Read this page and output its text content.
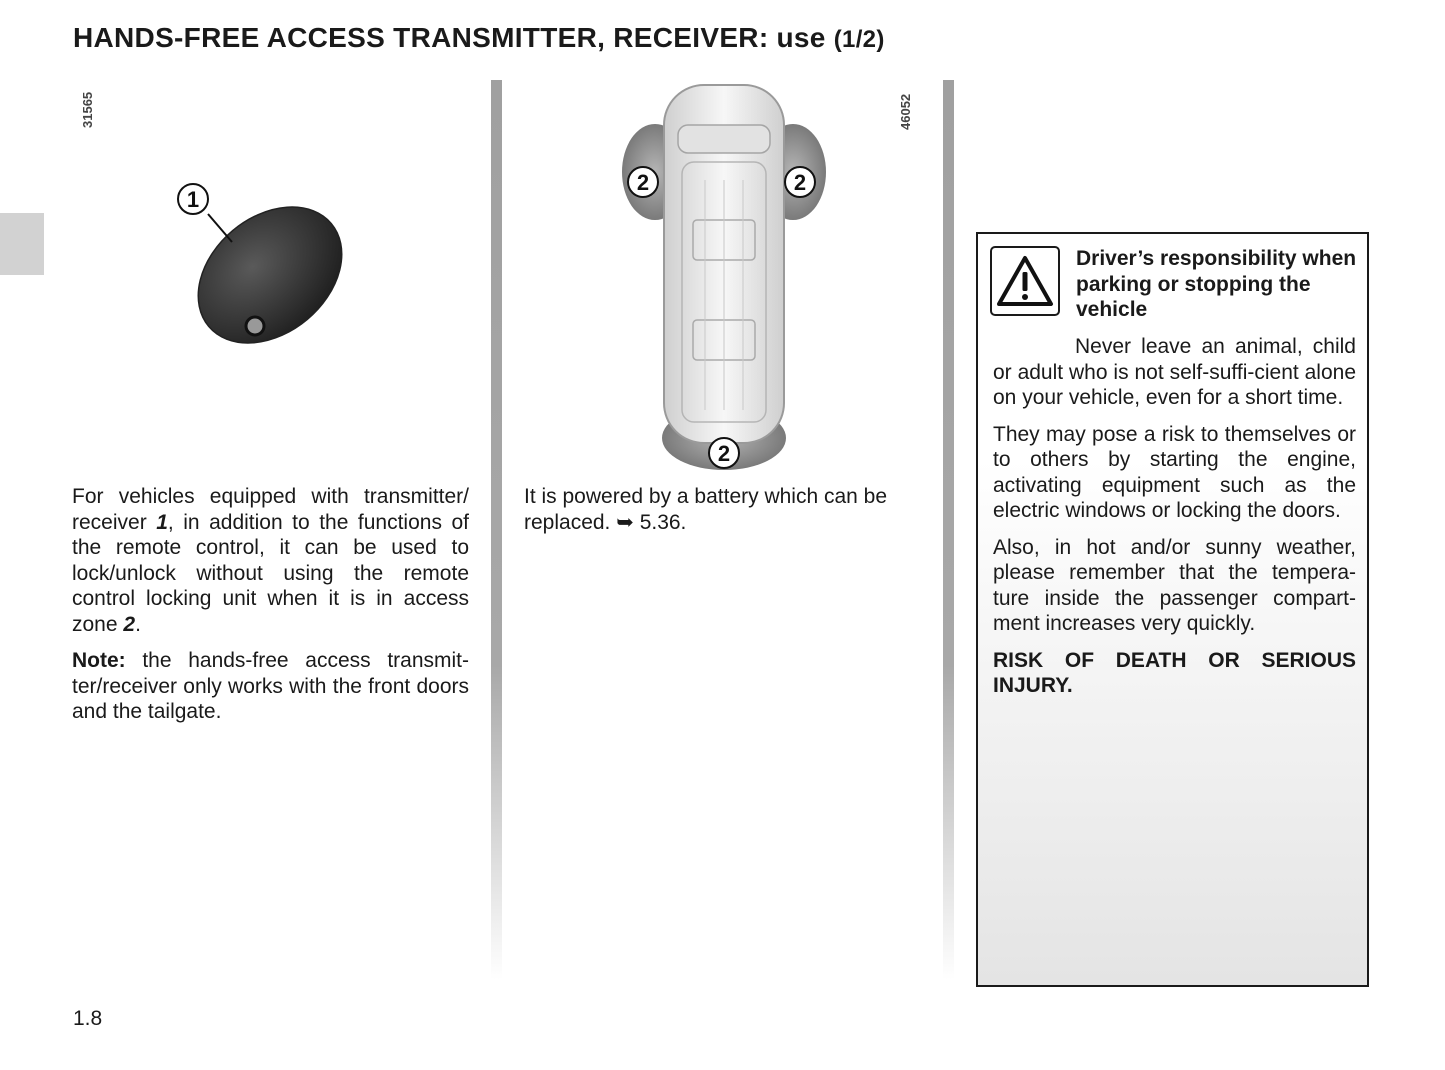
HANDS-FREE ACCESS TRANSMITTER, RECEIVER: use (1/2)
31565
1
46052
2	2
2

For vehicles equipped with transmitter/ receiver 1, in addition to the functions of the remote control, it can be used to lock/unlock without using the remote control locking unit when it is in access zone 2.

Note: the hands-free access transmit-ter/receiver only works with the front doors and the tailgate.

It is powered by a battery which can be replaced. ➥ 5.36.

Driver’s responsibility when parking or stopping the vehicle

Never leave an animal, child or adult who is not self-suffi-cient alone on your vehicle, even for a short time.

They may pose a risk to themselves or to others by starting the engine, activating equipment such as the electric windows or locking the doors.

Also, in hot and/or sunny weather, please remember that the tempera-ture inside the passenger compart-ment increases very quickly.

RISK OF DEATH OR SERIOUS INJURY.

1.8
